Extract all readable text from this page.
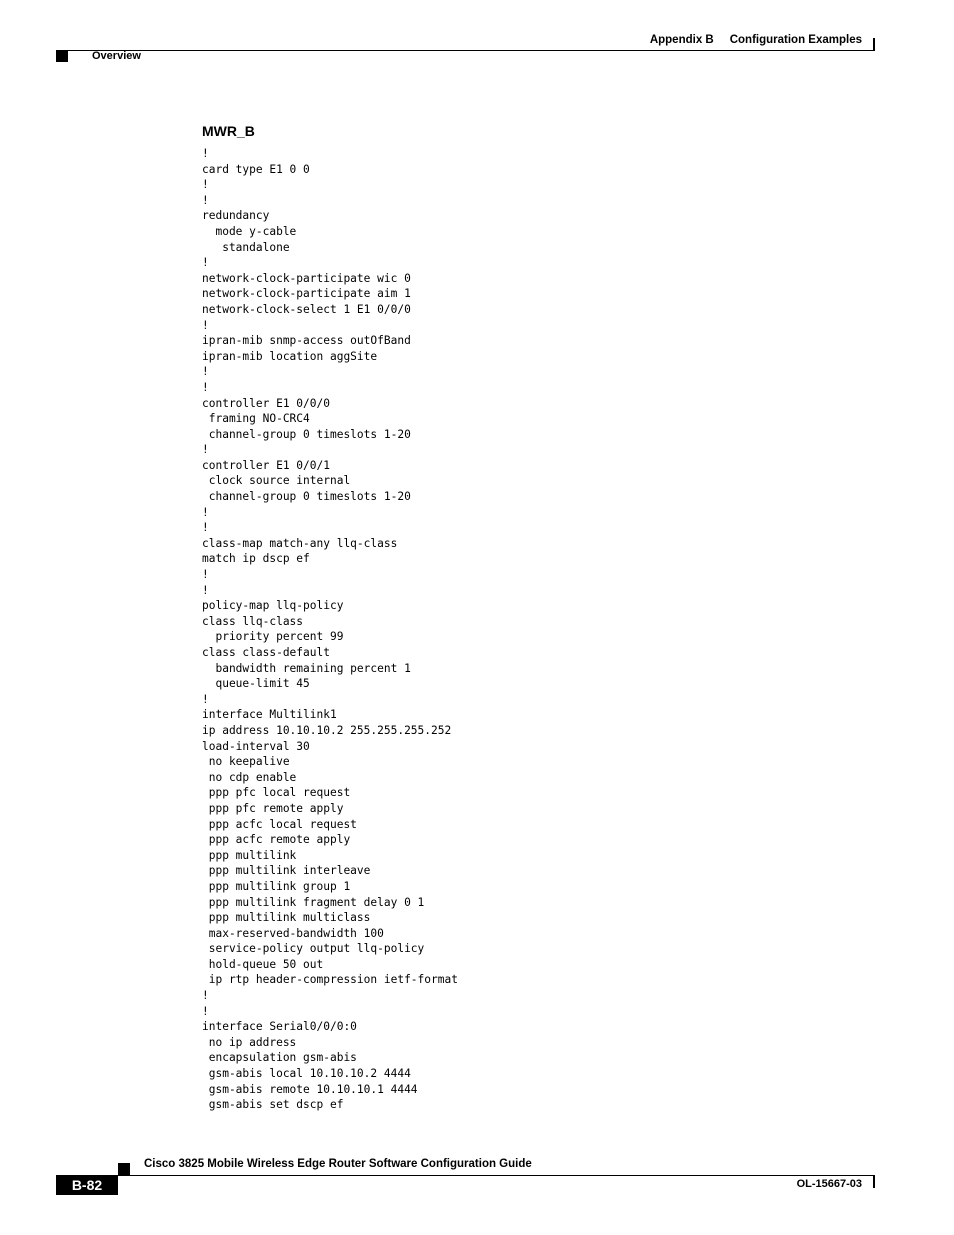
Appendix B Configuration Examples
Overview
MWR_B
!
card type E1 0 0
!
!
redundancy
mode y-cable
standalone
!
network-clock-participate wic 0
network-clock-participate aim 1
network-clock-select 1 E1 0/0/0
!
ipran-mib snmp-access outOfBand
ipran-mib location aggSite
!
!
controller E1 0/0/0
framing NO-CRC4
channel-group 0 timeslots 1-20
!
controller E1 0/0/1
clock source internal
channel-group 0 timeslots 1-20
!
!
class-map match-any llq-class
match ip dscp ef
!
!
policy-map llq-policy
class llq-class
priority percent 99
class class-default
bandwidth remaining percent 1
queue-limit 45
!
interface Multilink1
ip address 10.10.10.2 255.255.255.252
load-interval 30
no keepalive
no cdp enable
ppp pfc local request
ppp pfc remote apply
ppp acfc local request
ppp acfc remote apply
ppp multilink
ppp multilink interleave
ppp multilink group 1
ppp multilink fragment delay 0 1
ppp multilink multiclass
max-reserved-bandwidth 100
service-policy output llq-policy
hold-queue 50 out
ip rtp header-compression ietf-format
!
!
interface Serial0/0/0:0
no ip address
encapsulation gsm-abis
gsm-abis local 10.10.10.2 4444
gsm-abis remote 10.10.10.1 4444
gsm-abis set dscp ef
Cisco 3825 Mobile Wireless Edge Router Software Configuration Guide
B-82	OL-15667-03
